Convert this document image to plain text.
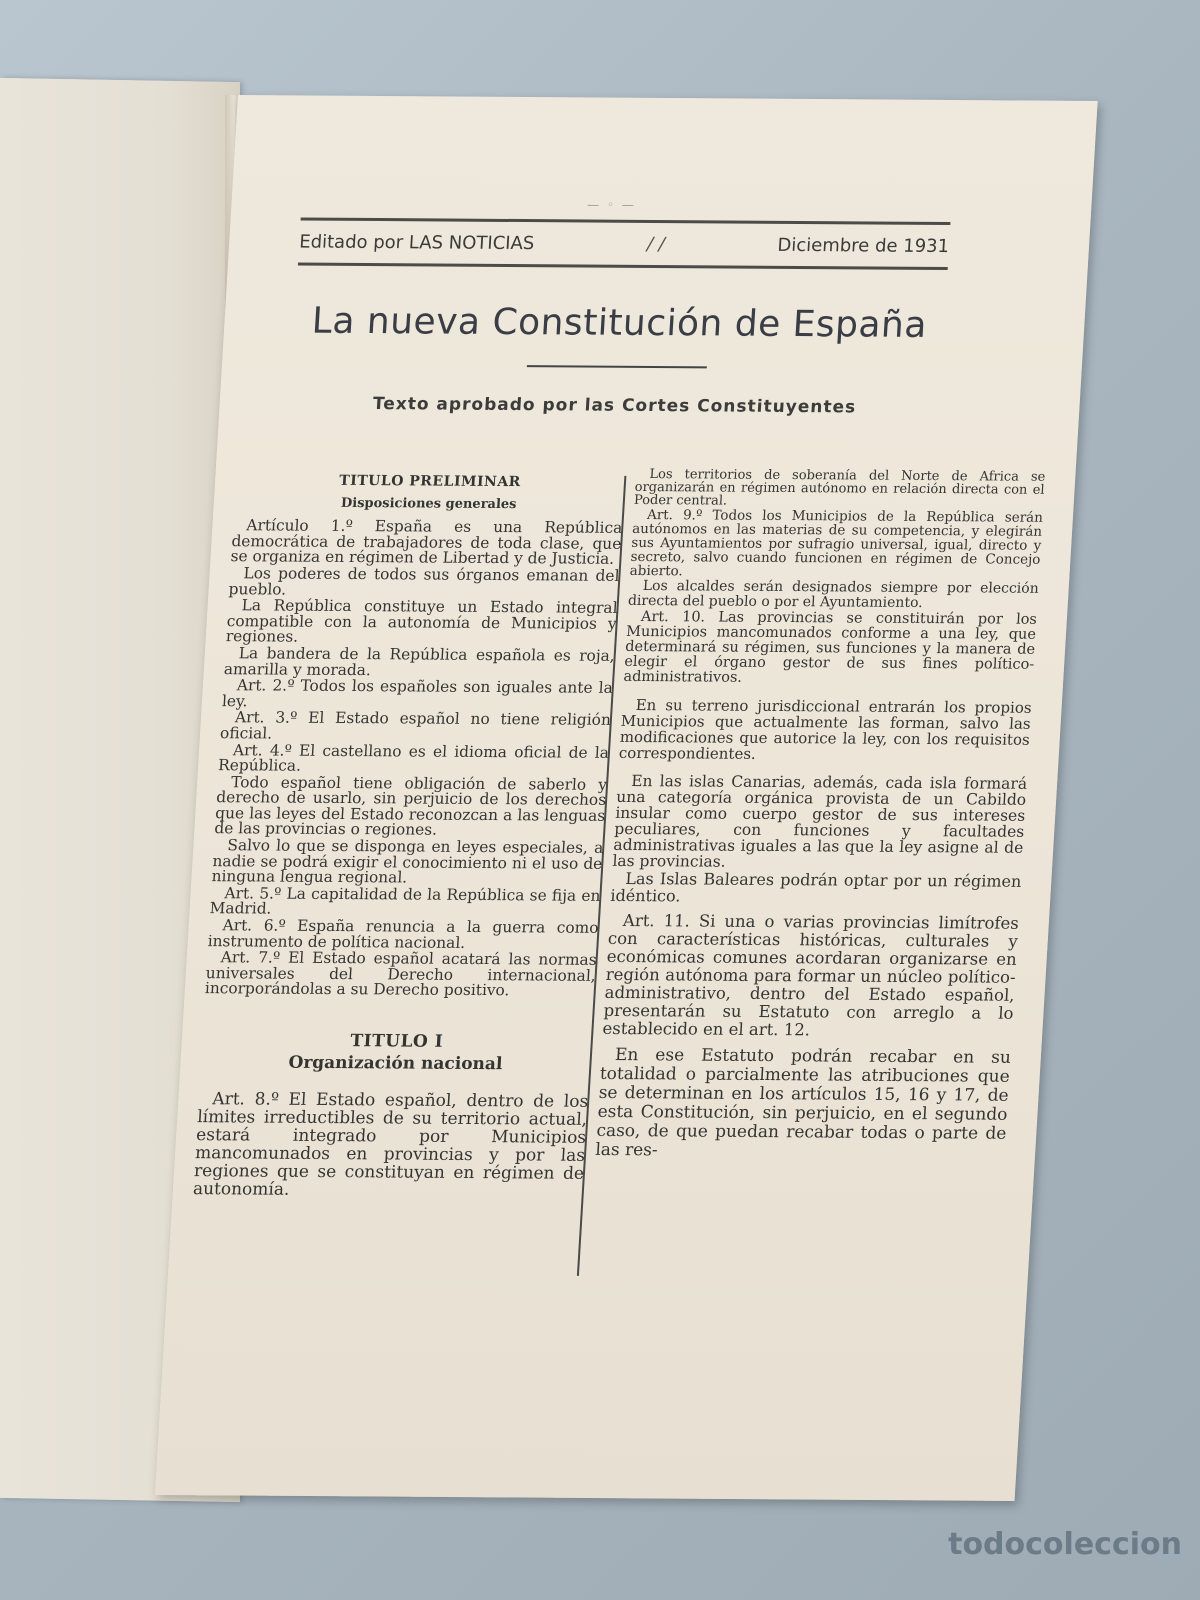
— ◦ —
Editado por LAS NOTICIAS	/ /	Diciembre de 1931
La nueva Constitución de España
Texto aprobado por las Cortes Constituyentes
TITULO PRELIMINAR
Disposiciones generales

Artículo 1.º España es una República democrática de trabajadores de toda clase, que se organiza en régimen de Libertad y de Justicia.

Los poderes de todos sus órganos emanan del pueblo.

La República constituye un Estado integral compatible con la autonomía de Municipios y regiones.

La bandera de la República española es roja, amarilla y morada.

Art. 2.º Todos los españoles son iguales ante la ley.

Art. 3.º El Estado español no tiene religión oficial.

Art. 4.º El castellano es el idioma oficial de la República.

Todo español tiene obligación de saberlo y derecho de usarlo, sin perjuicio de los derechos que las leyes del Estado reconozcan a las lenguas de las provincias o regiones.

Salvo lo que se disponga en leyes especiales, a nadie se podrá exigir el conocimiento ni el uso de ninguna lengua regional.

Art. 5.º La capitalidad de la República se fija en Madrid.

Art. 6.º España renuncia a la guerra como instrumento de política nacional.

Art. 7.º El Estado español acatará las normas universales del Derecho internacional, incorporándolas a su Derecho positivo.

TITULO I
Organización nacional

Art. 8.º El Estado español, dentro de los límites irreductibles de su territorio actual, estará integrado por Municipios mancomunados en provincias y por las regiones que se constituyan en régimen de autonomía.

Los territorios de soberanía del Norte de Africa se organizarán en régimen autónomo en relación directa con el Poder central.

Art. 9.º Todos los Municipios de la República serán autónomos en las materias de su competencia, y elegirán sus Ayuntamientos por sufragio universal, igual, directo y secreto, salvo cuando funcionen en régimen de Concejo abierto.

Los alcaldes serán designados siempre por elección directa del pueblo o por el Ayuntamiento.

Art. 10. Las provincias se constituirán por los Municipios mancomunados conforme a una ley, que determinará su régimen, sus funciones y la manera de elegir el órgano gestor de sus fines político-administrativos.

En su terreno jurisdiccional entrarán los propios Municipios que actualmente las forman, salvo las modificaciones que autorice la ley, con los requisitos correspondientes.

En las islas Canarias, además, cada isla formará una categoría orgánica provista de un Cabildo insular como cuerpo gestor de sus intereses peculiares, con funciones y facultades administrativas iguales a las que la ley asigne al de las provincias.

Las Islas Baleares podrán optar por un régimen idéntico.

Art. 11. Si una o varias provincias limítrofes con características históricas, culturales y económicas comunes acordaran organizarse en región autónoma para formar un núcleo político-administrativo, dentro del Estado español, presentarán su Estatuto con arreglo a lo establecido en el art. 12.

En ese Estatuto podrán recabar en su totalidad o parcialmente las atribuciones que se determinan en los artículos 15, 16 y 17, de esta Constitución, sin perjuicio, en el segundo caso, de que puedan recabar todas o parte de las res-

todocoleccion
